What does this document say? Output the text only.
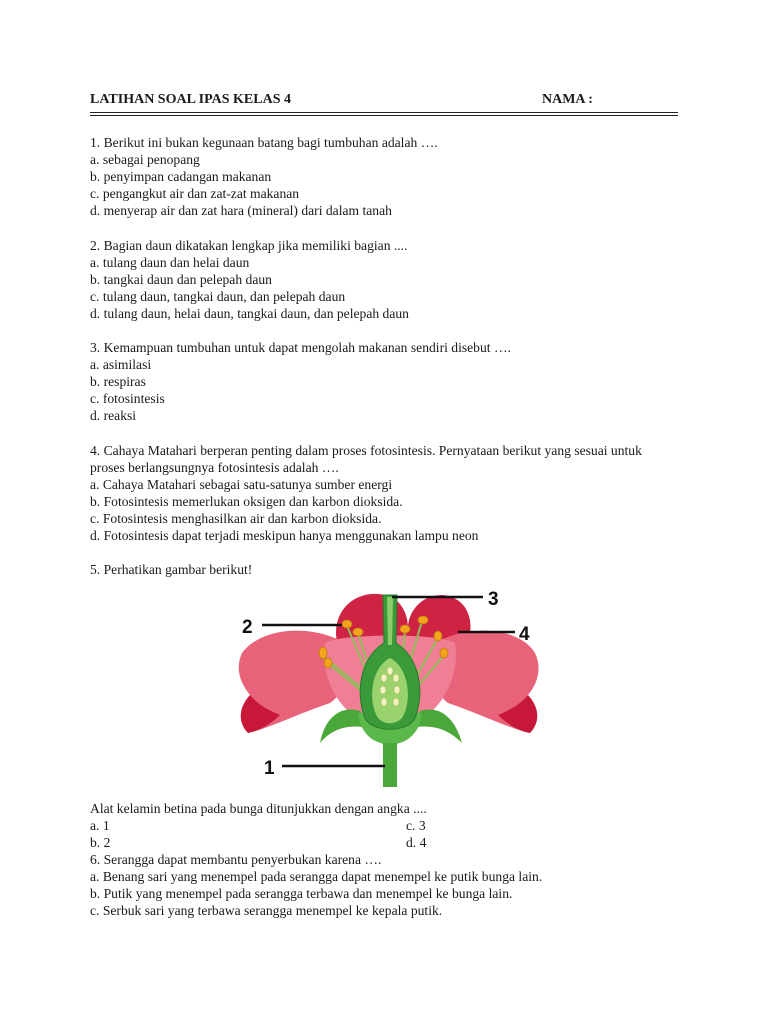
LATIHAN SOAL IPAS KELAS 4	NAMA :
1. Berikut ini bukan kegunaan batang bagi tumbuhan adalah ….
a. sebagai penopang
b. penyimpan cadangan makanan
c. pengangkut air dan zat-zat makanan
d. menyerap air dan zat hara (mineral) dari dalam tanah
2. Bagian daun dikatakan lengkap jika memiliki bagian ....
a. tulang daun dan helai daun
b. tangkai daun dan pelepah daun
c. tulang daun, tangkai daun, dan pelepah daun
d. tulang daun, helai daun, tangkai daun, dan pelepah daun
3. Kemampuan tumbuhan untuk dapat mengolah makanan sendiri disebut ….
a. asimilasi
b. respiras
c. fotosintesis
d. reaksi
4. Cahaya Matahari berperan penting dalam proses fotosintesis. Pernyataan berikut yang sesuai untuk
proses berlangsungnya fotosintesis adalah ….
a. Cahaya Matahari sebagai satu-satunya sumber energi
b. Fotosintesis memerlukan oksigen dan karbon dioksida.
c. Fotosintesis menghasilkan air dan karbon dioksida.
d. Fotosintesis dapat terjadi meskipun hanya menggunakan lampu neon
5. Perhatikan gambar berikut!
1
2
3
4
Alat kelamin betina pada bunga ditunjukkan dengan angka ....
a. 1	c. 3
b. 2	d. 4
6. Serangga dapat membantu penyerbukan karena ….
a. Benang sari yang menempel pada serangga dapat menempel ke putik bunga lain.
b. Putik yang menempel pada serangga terbawa dan menempel ke bunga lain.
c. Serbuk sari yang terbawa serangga menempel ke kepala putik.
